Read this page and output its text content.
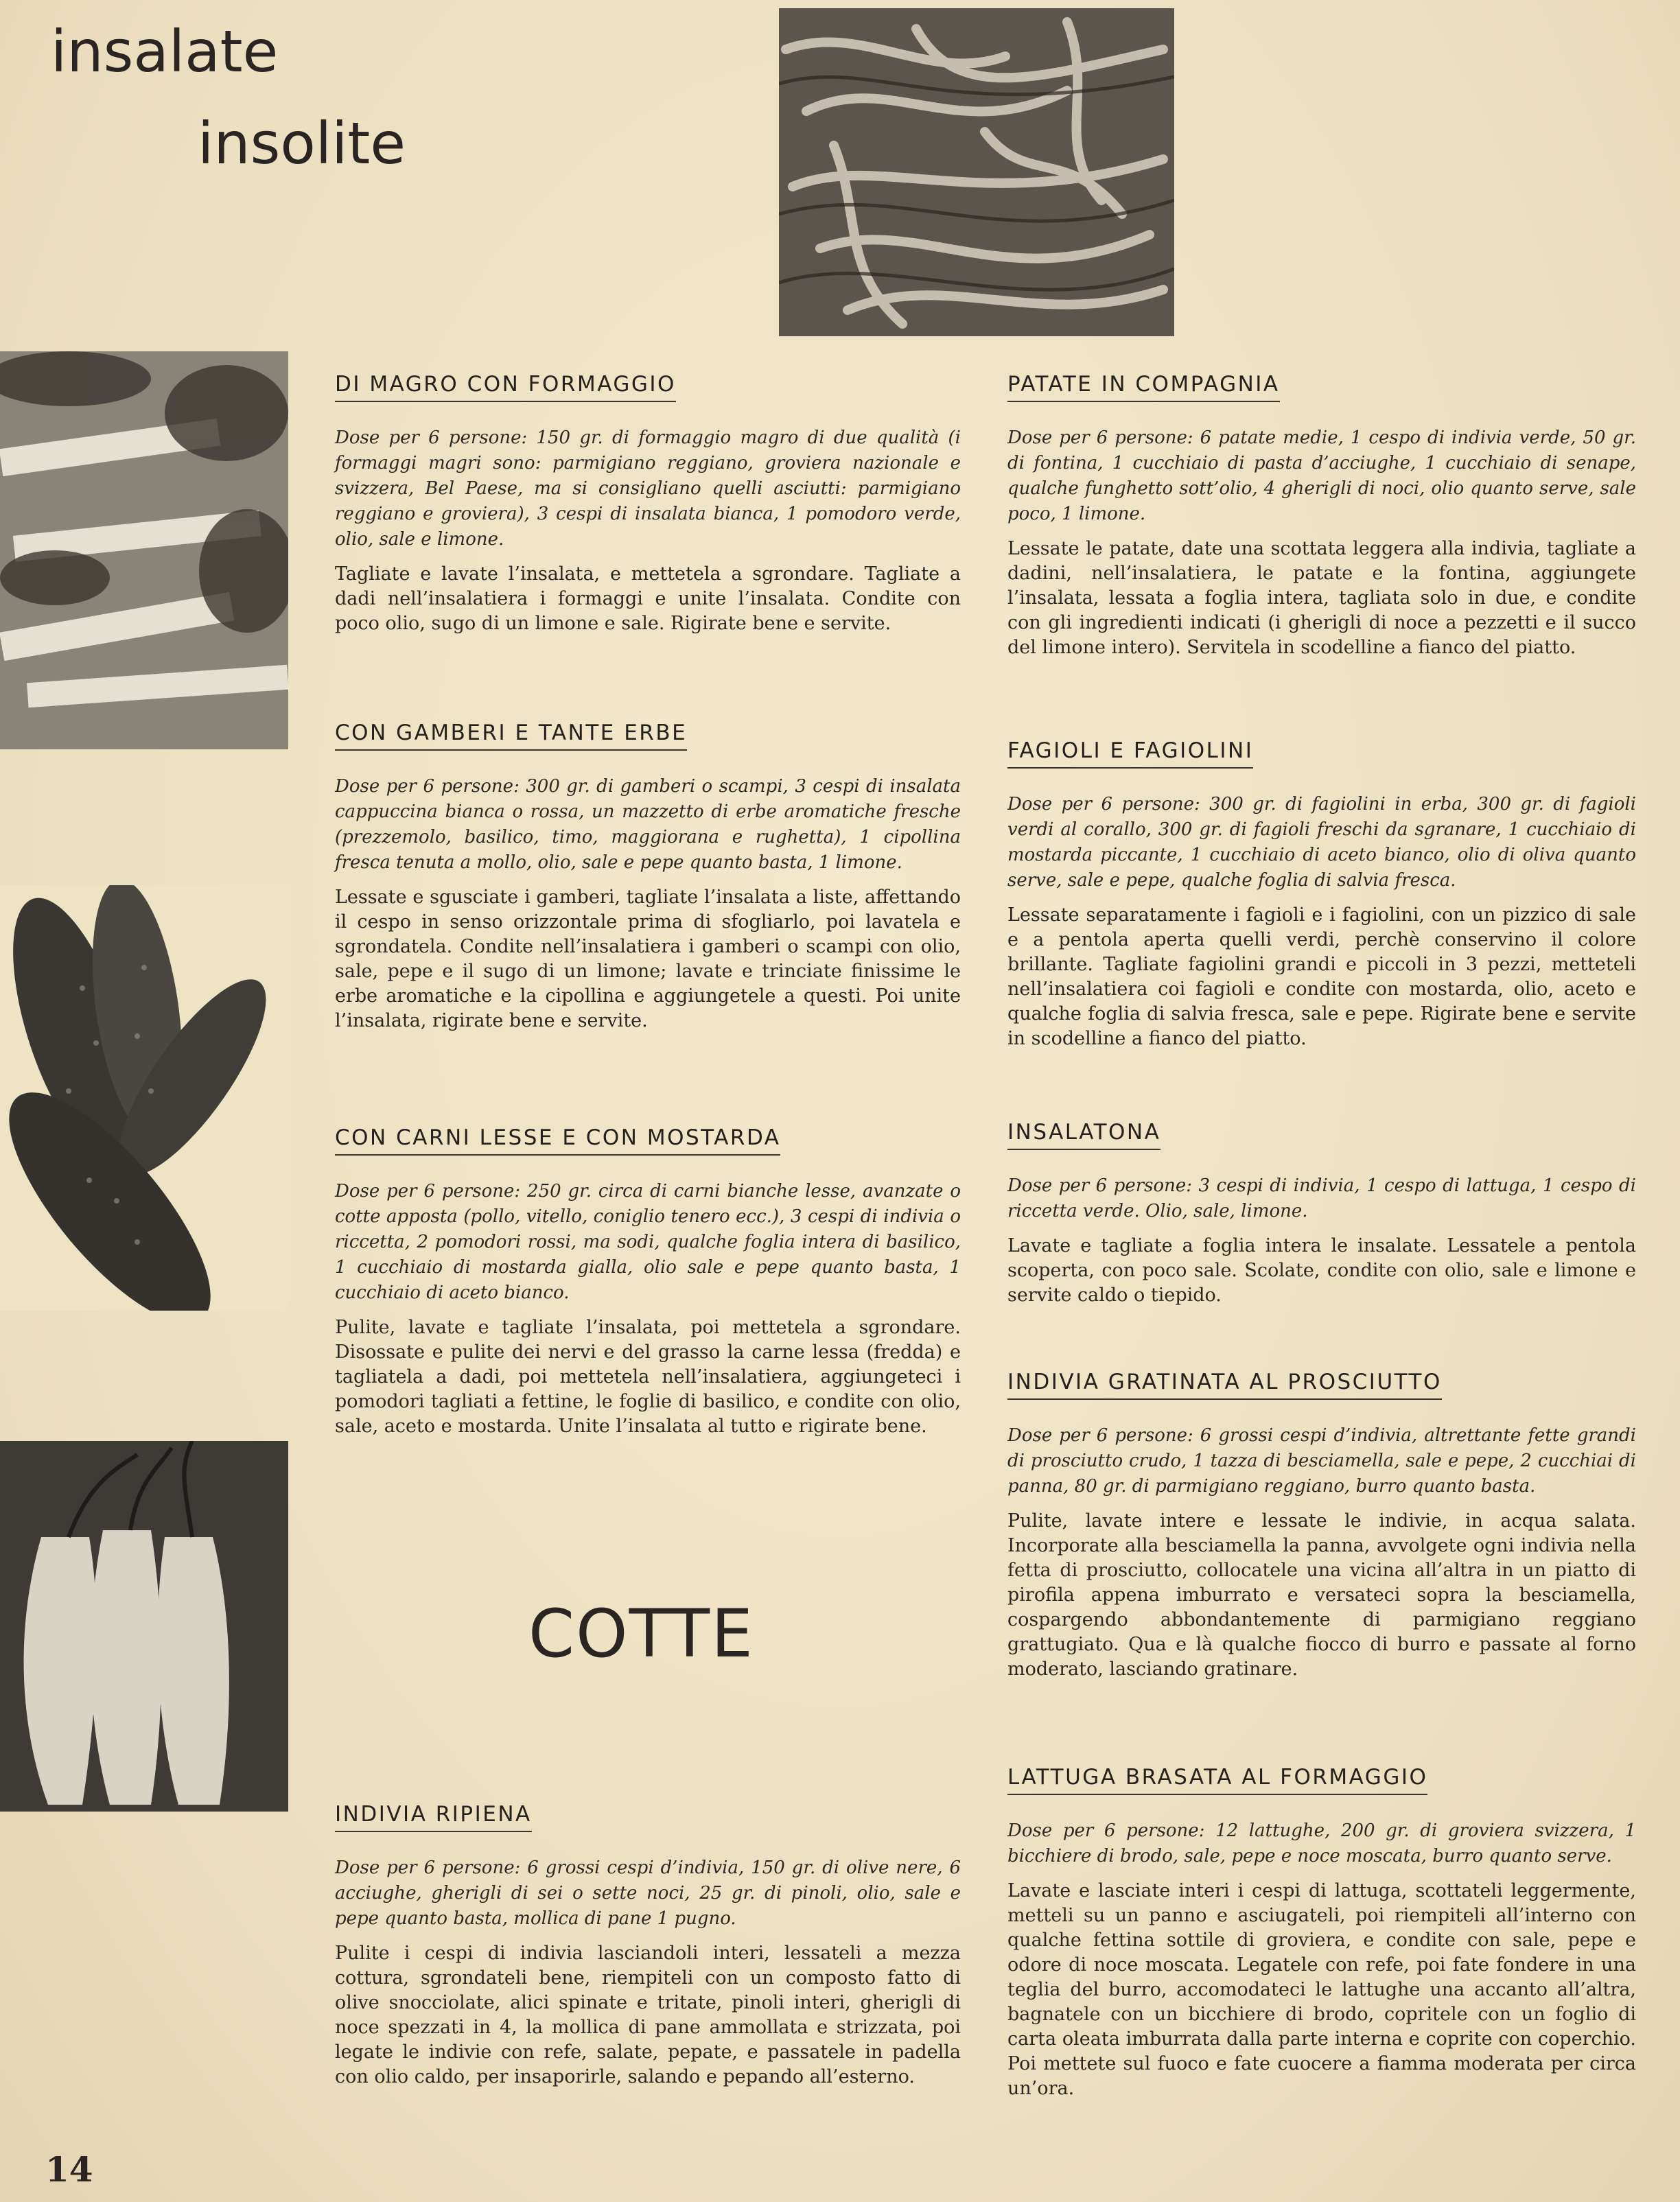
insalate
insolite
COTTE
DI MAGRO CON FORMAGGIO

Dose per 6 persone: 150 gr. di formaggio magro di due qualità (i formaggi magri sono: parmigiano reggiano, groviera nazionale e svizzera, Bel Paese, ma si consigliano quelli asciutti: parmigiano reggiano e groviera), 3 cespi di insalata bianca, 1 pomodoro verde, olio, sale e limone.

Tagliate e lavate l’insalata, e mettetela a sgrondare. Tagliate a dadi nell’insalatiera i formaggi e unite l’insalata. Condite con poco olio, sugo di un limone e sale. Rigirate bene e servite.

CON GAMBERI E TANTE ERBE

Dose per 6 persone: 300 gr. di gamberi o scampi, 3 cespi di insalata cappuccina bianca o rossa, un mazzetto di erbe aromatiche fresche (prezzemolo, basilico, timo, maggiorana e rughetta), 1 cipollina fresca tenuta a mollo, olio, sale e pepe quanto basta, 1 limone.

Lessate e sgusciate i gamberi, tagliate l’insalata a liste, affettando il cespo in senso orizzontale prima di sfogliarlo, poi lavatela e sgrondatela. Condite nell’insalatiera i gamberi o scampi con olio, sale, pepe e il sugo di un limone; lavate e trinciate finissime le erbe aromatiche e la cipollina e aggiungetele a questi. Poi unite l’insalata, rigirate bene e servite.

CON CARNI LESSE E CON MOSTARDA

Dose per 6 persone: 250 gr. circa di carni bianche lesse, avanzate o cotte apposta (pollo, vitello, coniglio tenero ecc.), 3 cespi di indivia o riccetta, 2 pomodori rossi, ma sodi, qualche foglia intera di basilico, 1 cucchiaio di mostarda gialla, olio sale e pepe quanto basta, 1 cucchiaio di aceto bianco.

Pulite, lavate e tagliate l’insalata, poi mettetela a sgrondare. Disossate e pulite dei nervi e del grasso la carne lessa (fredda) e tagliatela a dadi, poi mettetela nell’insalatiera, aggiungeteci i pomodori tagliati a fettine, le foglie di basilico, e condite con olio, sale, aceto e mostarda. Unite l’insalata al tutto e rigirate bene.

INDIVIA RIPIENA

Dose per 6 persone: 6 grossi cespi d’indivia, 150 gr. di olive nere, 6 acciughe, gherigli di sei o sette noci, 25 gr. di pinoli, olio, sale e pepe quanto basta, mollica di pane 1 pugno.

Pulite i cespi di indivia lasciandoli interi, lessateli a mezza cottura, sgrondateli bene, riempiteli con un composto fatto di olive snocciolate, alici spinate e tritate, pinoli interi, gherigli di noce spezzati in 4, la mollica di pane ammollata e strizzata, poi legate le indivie con refe, salate, pepate, e passatele in padella con olio caldo, per insaporirle, salando e pepando all’esterno.

PATATE IN COMPAGNIA

Dose per 6 persone: 6 patate medie, 1 cespo di indivia verde, 50 gr. di fontina, 1 cucchiaio di pasta d’acciughe, 1 cucchiaio di senape, qualche funghetto sott’olio, 4 gherigli di noci, olio quanto serve, sale poco, 1 limone.

Lessate le patate, date una scottata leggera alla indivia, tagliate a dadini, nell’insalatiera, le patate e la fontina, aggiungete l’insalata, lessata a foglia intera, tagliata solo in due, e condite con gli ingredienti indicati (i gherigli di noce a pezzetti e il succo del limone intero). Servitela in scodelline a fianco del piatto.

FAGIOLI E FAGIOLINI

Dose per 6 persone: 300 gr. di fagiolini in erba, 300 gr. di fagioli verdi al corallo, 300 gr. di fagioli freschi da sgranare, 1 cucchiaio di mostarda piccante, 1 cucchiaio di aceto bianco, olio di oliva quanto serve, sale e pepe, qualche foglia di salvia fresca.

Lessate separatamente i fagioli e i fagiolini, con un pizzico di sale e a pentola aperta quelli verdi, perchè conservino il colore brillante. Tagliate fagiolini grandi e piccoli in 3 pezzi, metteteli nell’insalatiera coi fagioli e condite con mostarda, olio, aceto e qualche foglia di salvia fresca, sale e pepe. Rigirate bene e servite in scodelline a fianco del piatto.

INSALATONA

Dose per 6 persone: 3 cespi di indivia, 1 cespo di lattuga, 1 cespo di riccetta verde. Olio, sale, limone.

Lavate e tagliate a foglia intera le insalate. Lessatele a pentola scoperta, con poco sale. Scolate, condite con olio, sale e limone e servite caldo o tiepido.

INDIVIA GRATINATA AL PROSCIUTTO

Dose per 6 persone: 6 grossi cespi d’indivia, altrettante fette grandi di prosciutto crudo, 1 tazza di besciamella, sale e pepe, 2 cucchiai di panna, 80 gr. di parmigiano reggiano, burro quanto basta.

Pulite, lavate intere e lessate le indivie, in acqua salata. Incorporate alla besciamella la panna, avvolgete ogni indivia nella fetta di prosciutto, collocatele una vicina all’altra in un piatto di pirofila appena imburrato e versateci sopra la besciamella, cospargendo abbondantemente di parmigiano reggiano grattugiato. Qua e là qualche fiocco di burro e passate al forno moderato, lasciando gratinare.

LATTUGA BRASATA AL FORMAGGIO

Dose per 6 persone: 12 lattughe, 200 gr. di groviera svizzera, 1 bicchiere di brodo, sale, pepe e noce moscata, burro quanto serve.

Lavate e lasciate interi i cespi di lattuga, scottateli leggermente, metteli su un panno e asciugateli, poi riempiteli all’interno con qualche fettina sottile di groviera, e condite con sale, pepe e odore di noce moscata. Legatele con refe, poi fate fondere in una teglia del burro, accomodateci le lattughe una accanto all’altra, bagnatele con un bicchiere di brodo, copritele con un foglio di carta oleata imburrata dalla parte interna e coprite con coperchio. Poi mettete sul fuoco e fate cuocere a fiamma moderata per circa un’ora.

14
